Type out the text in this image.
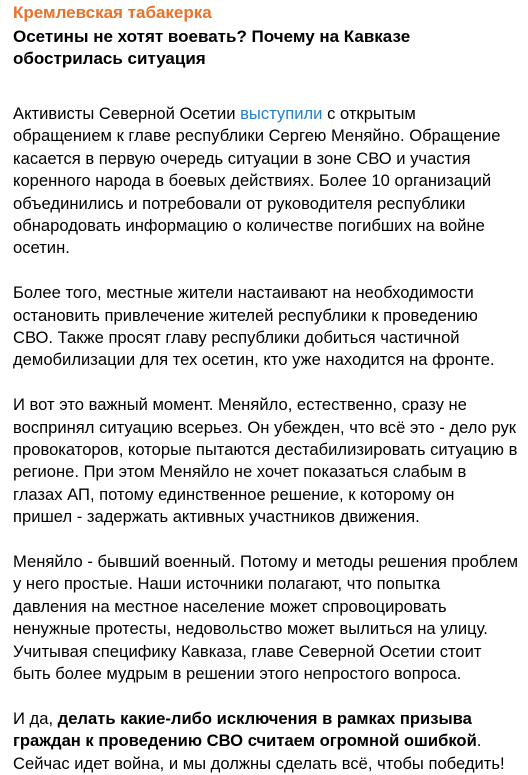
Кремлевская табакерка
Осетины не хотят воевать? Почему на Кавказе обострилась ситуация

Активисты Северной Осетии выступили с открытым обращением к главе республики Сергею Меняйно. Обращение касается в первую очередь ситуации в зоне СВО и участия коренного народа в боевых действиях. Более 10 организаций объединились и потребовали от руководителя республики обнародовать информацию о количестве погибших на войне осетин.

Более того, местные жители настаивают на необходимости остановить привлечение жителей республики к проведению СВО. Также просят главу республики добиться частичной демобилизации для тех осетин, кто уже находится на фронте.

И вот это важный момент. Меняйло, естественно, сразу не воспринял ситуацию всерьез. Он убежден, что всё это - дело рук провокаторов, которые пытаются дестабилизировать ситуацию в регионе. При этом Меняйло не хочет показаться слабым в глазах АП, потому единственное решение, к которому он пришел - задержать активных участников движения.

Меняйло - бывший военный. Потому и методы решения проблем у него простые. Наши источники полагают, что попытка давления на местное население может спровоцировать ненужные протесты, недовольство может вылиться на улицу. Учитывая специфику Кавказа, главе Северной Осетии стоит быть более мудрым в решении этого непростого вопроса.

И да, делать какие-либо исключения в рамках призыва граждан к проведению СВО считаем огромной ошибкой. Сейчас идет война, и мы должны сделать всё, чтобы победить!
